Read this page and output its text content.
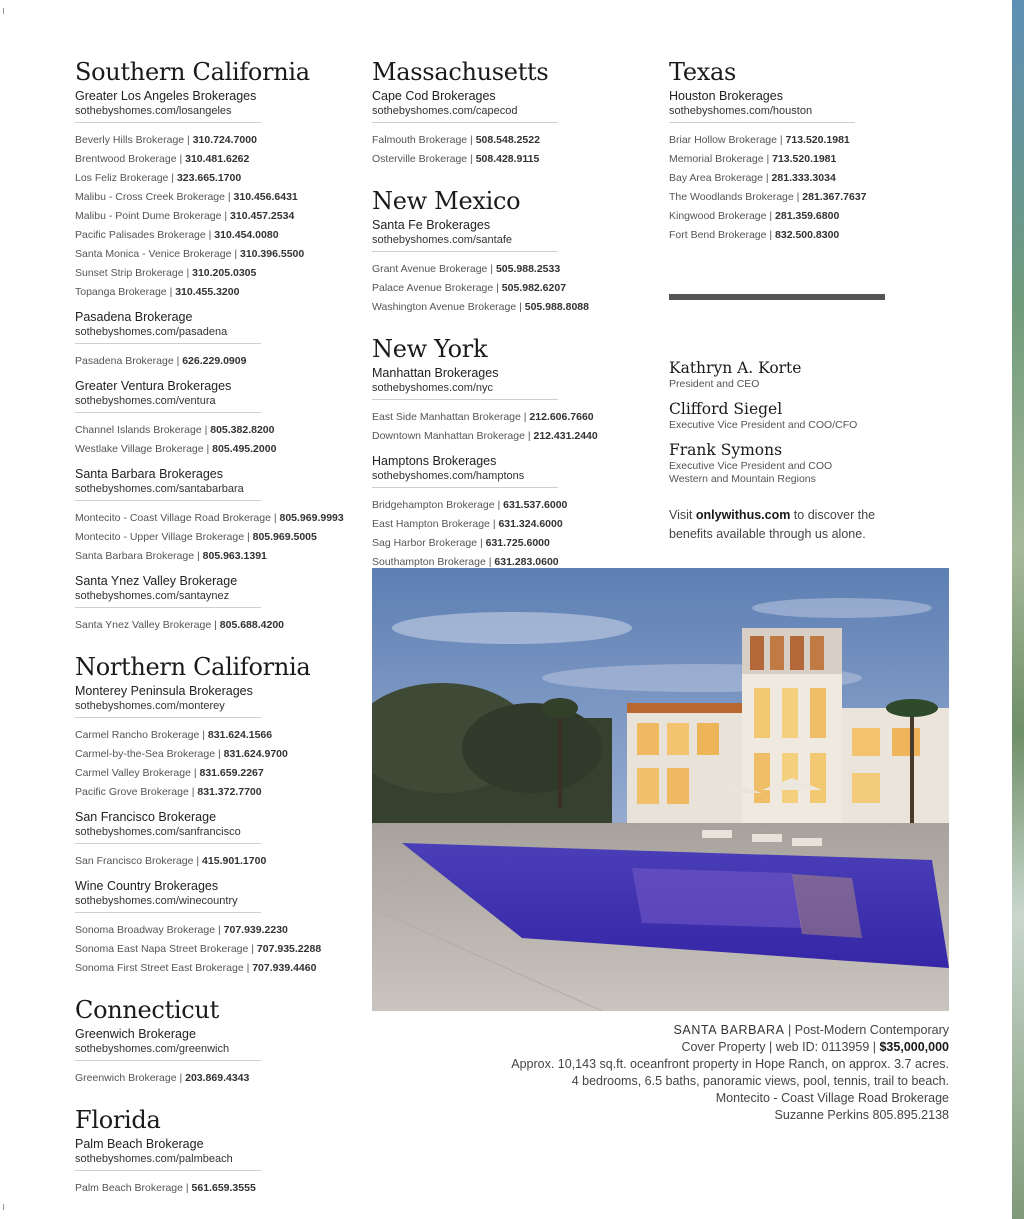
Southern California
Greater Los Angeles Brokerages
sothebyshomes.com/losangeles
Beverly Hills Brokerage | 310.724.7000
Brentwood Brokerage | 310.481.6262
Los Feliz Brokerage | 323.665.1700
Malibu - Cross Creek Brokerage | 310.456.6431
Malibu - Point Dume Brokerage | 310.457.2534
Pacific Palisades Brokerage | 310.454.0080
Santa Monica - Venice Brokerage | 310.396.5500
Sunset Strip Brokerage | 310.205.0305
Topanga Brokerage | 310.455.3200
Pasadena Brokerage
sothebyshomes.com/pasadena
Pasadena Brokerage | 626.229.0909
Greater Ventura Brokerages
sothebyshomes.com/ventura
Channel Islands Brokerage | 805.382.8200
Westlake Village Brokerage | 805.495.2000
Santa Barbara Brokerages
sothebyshomes.com/santabarbara
Montecito - Coast Village Road Brokerage | 805.969.9993
Montecito - Upper Village Brokerage | 805.969.5005
Santa Barbara Brokerage | 805.963.1391
Santa Ynez Valley Brokerage
sothebyshomes.com/santaynez
Santa Ynez Valley Brokerage | 805.688.4200
Northern California
Monterey Peninsula Brokerages
sothebyshomes.com/monterey
Carmel Rancho Brokerage | 831.624.1566
Carmel-by-the-Sea Brokerage | 831.624.9700
Carmel Valley Brokerage | 831.659.2267
Pacific Grove Brokerage | 831.372.7700
San Francisco Brokerage
sothebyshomes.com/sanfrancisco
San Francisco Brokerage | 415.901.1700
Wine Country Brokerages
sothebyshomes.com/winecountry
Sonoma Broadway Brokerage | 707.939.2230
Sonoma East Napa Street Brokerage | 707.935.2288
Sonoma First Street East Brokerage | 707.939.4460
Connecticut
Greenwich Brokerage
sothebyshomes.com/greenwich
Greenwich Brokerage | 203.869.4343
Florida
Palm Beach Brokerage
sothebyshomes.com/palmbeach
Palm Beach Brokerage | 561.659.3555
Massachusetts
Cape Cod Brokerages
sothebyshomes.com/capecod
Falmouth Brokerage | 508.548.2522
Osterville Brokerage | 508.428.9115
New Mexico
Santa Fe Brokerages
sothebyshomes.com/santafe
Grant Avenue Brokerage | 505.988.2533
Palace Avenue Brokerage | 505.982.6207
Washington Avenue Brokerage | 505.988.8088
New York
Manhattan Brokerages
sothebyshomes.com/nyc
East Side Manhattan Brokerage | 212.606.7660
Downtown Manhattan Brokerage | 212.431.2440
Hamptons Brokerages
sothebyshomes.com/hamptons
Bridgehampton Brokerage | 631.537.6000
East Hampton Brokerage | 631.324.6000
Sag Harbor Brokerage | 631.725.6000
Southampton Brokerage | 631.283.0600
Texas
Houston Brokerages
sothebyshomes.com/houston
Briar Hollow Brokerage | 713.520.1981
Memorial Brokerage | 713.520.1981
Bay Area Brokerage | 281.333.3034
The Woodlands Brokerage | 281.367.7637
Kingwood Brokerage | 281.359.6800
Fort Bend Brokerage | 832.500.8300
Kathryn A. Korte
President and CEO
Clifford Siegel
Executive Vice President and COO/CFO
Frank Symons
Executive Vice President and COO
Western and Mountain Regions
Visit onlywithus.com to discover the benefits available through us alone.
SANTA BARBARA | Post-Modern Contemporary
Cover Property | web ID: 0113959 | $35,000,000
Approx. 10,143 sq.ft. oceanfront property in Hope Ranch, on approx. 3.7 acres.
4 bedrooms, 6.5 baths, panoramic views, pool, tennis, trail to beach.
Montecito - Coast Village Road Brokerage
Suzanne Perkins 805.895.2138
